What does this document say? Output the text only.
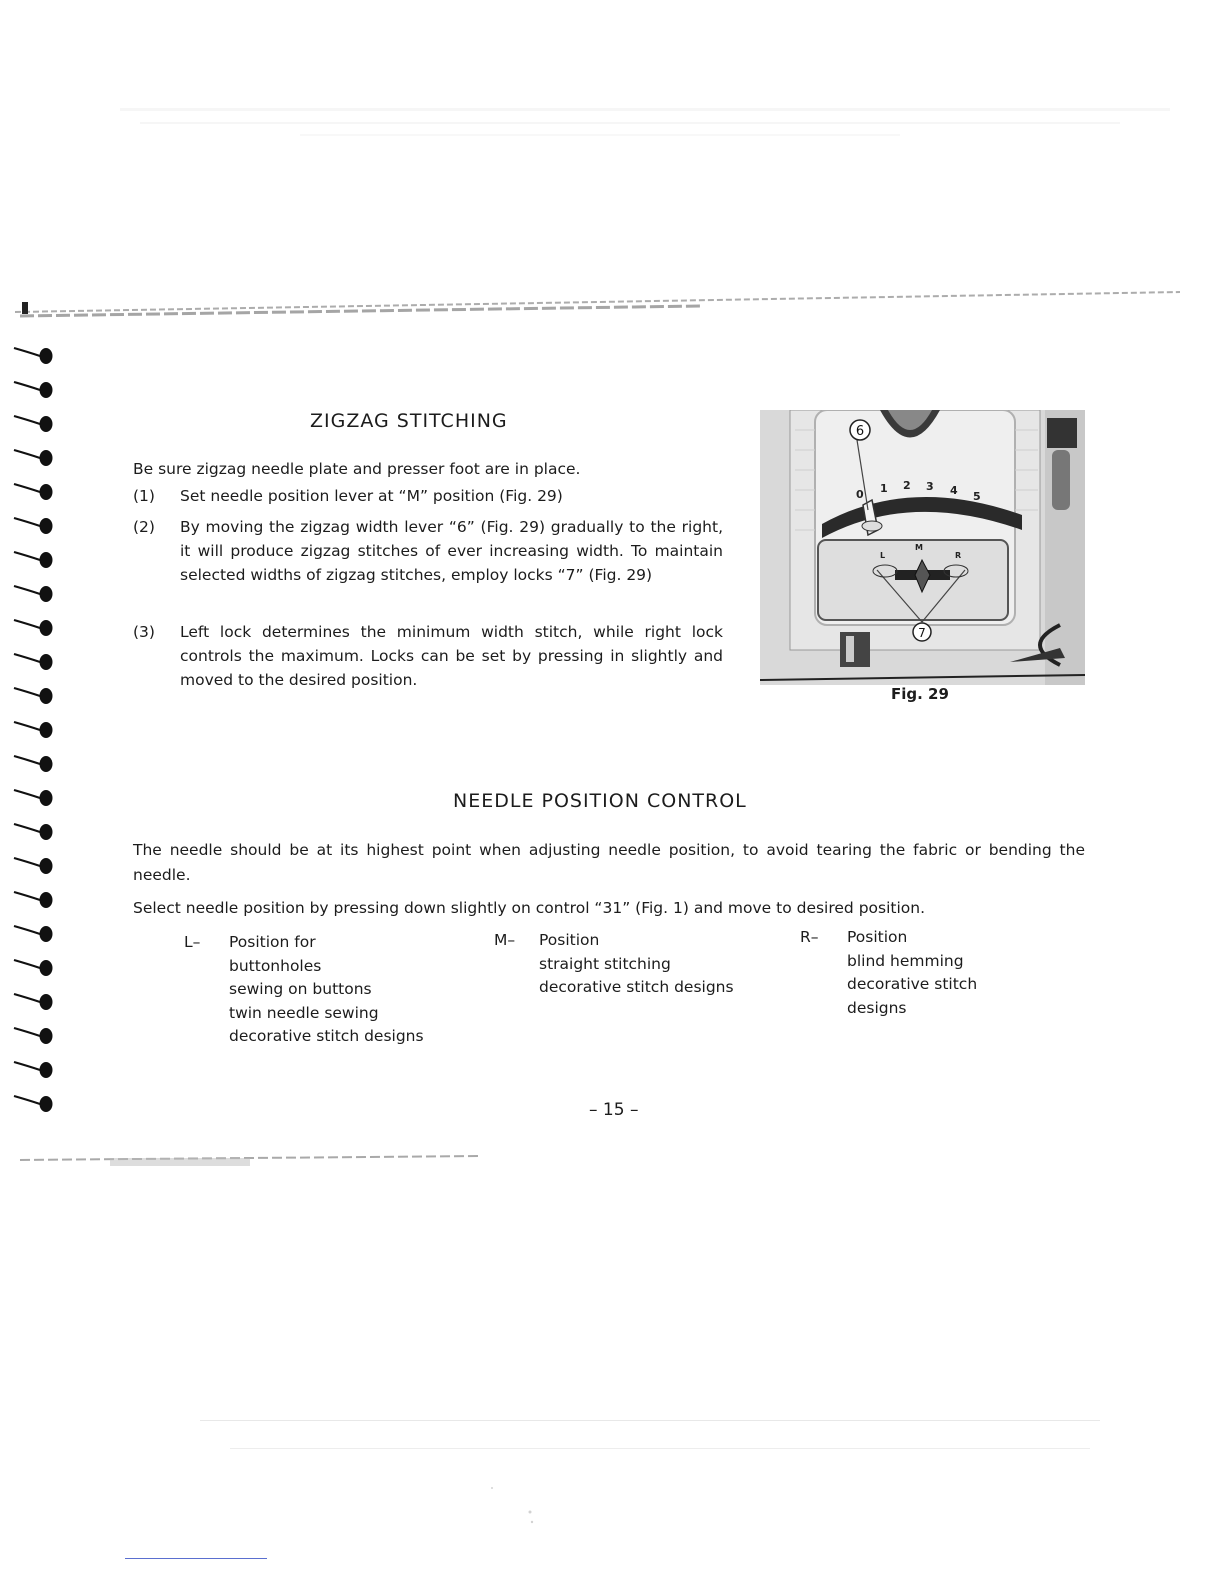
ZIGZAG STITCHING

Be sure zigzag needle plate and presser foot are in place.

(1) Set needle position lever at “M” position (Fig. 29)
(2) By moving the zigzag width lever “6” (Fig. 29) gradually to the right, it will produce zigzag stitches of ever increasing width. To maintain selected widths of zigzag stitches, employ locks “7” (Fig. 29)
(3) Left lock determines the minimum width stitch, while right lock controls the maximum. Locks can be set by pressing in slightly and moved to the desired position.
0 1 2 3 4 5
L
M
R
6
7
Fig. 29
NEEDLE POSITION CONTROL

The needle should be at its highest point when adjusting needle position, to avoid tearing the fabric or bending the needle.

Select needle position by pressing down slightly on control “31” (Fig. 1) and move to desired position.

L– Position for
buttonholes
sewing on buttons
twin needle sewing
decorative stitch designs
M– Position
straight stitching
decorative stitch designs
R– Position
blind hemming
decorative stitch
designs
– 15 –
